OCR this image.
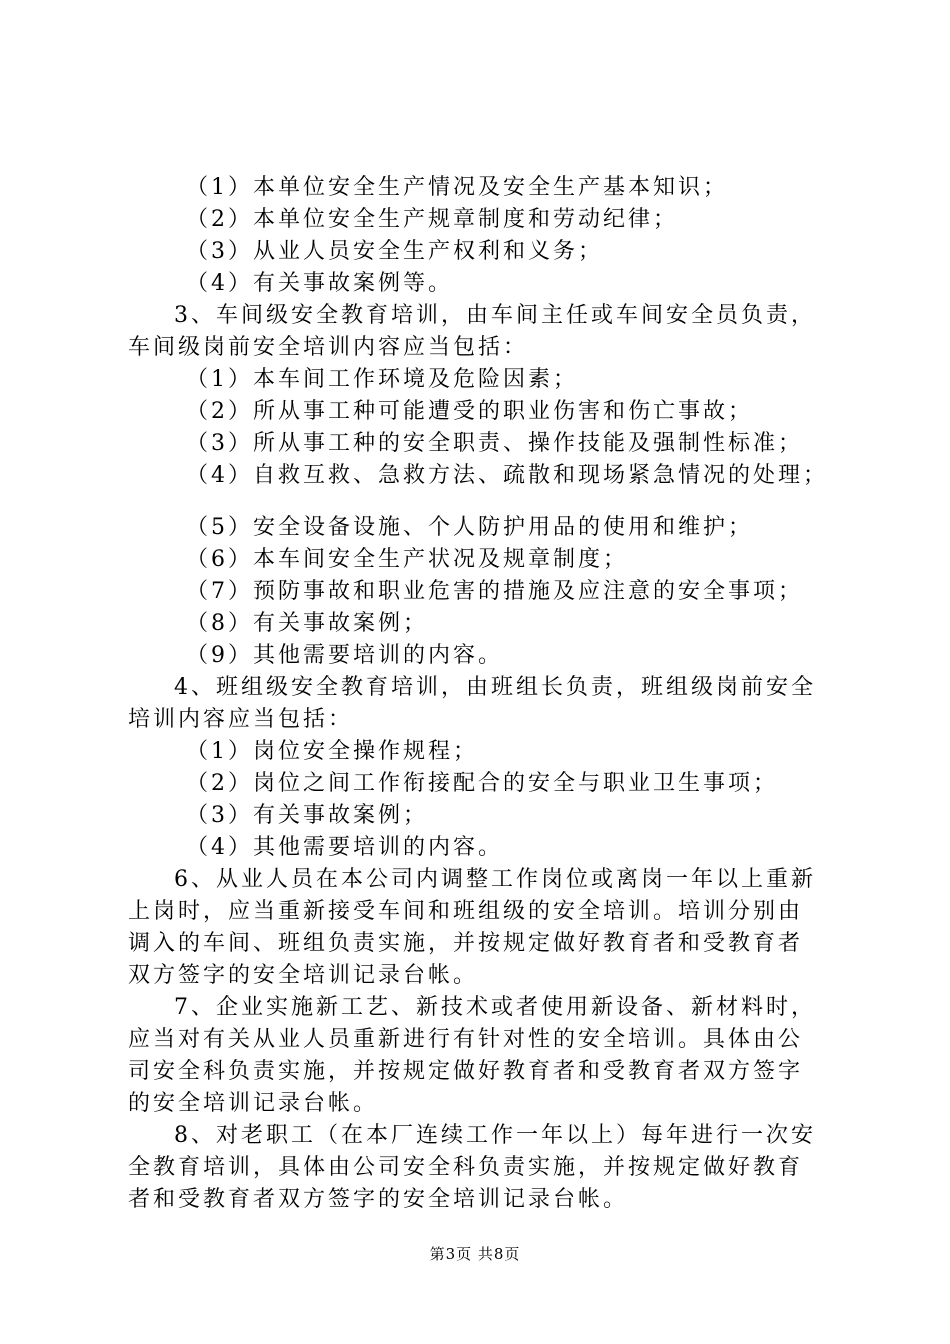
（1）本单位安全生产情况及安全生产基本知识；
（2）本单位安全生产规章制度和劳动纪律；
（3）从业人员安全生产权利和义务；
（4）有关事故案例等。
3、车间级安全教育培训，由车间主任或车间安全员负责，
车间级岗前安全培训内容应当包括：
（1）本车间工作环境及危险因素；
（2）所从事工种可能遭受的职业伤害和伤亡事故；
（3）所从事工种的安全职责、操作技能及强制性标准；
（4）自救互救、急救方法、疏散和现场紧急情况的处理；
（5）安全设备设施、个人防护用品的使用和维护；
（6）本车间安全生产状况及规章制度；
（7）预防事故和职业危害的措施及应注意的安全事项；
（8）有关事故案例；
（9）其他需要培训的内容。
4、班组级安全教育培训，由班组长负责，班组级岗前安全
培训内容应当包括：
（1）岗位安全操作规程；
（2）岗位之间工作衔接配合的安全与职业卫生事项；
（3）有关事故案例；
（4）其他需要培训的内容。
6、从业人员在本公司内调整工作岗位或离岗一年以上重新
上岗时，应当重新接受车间和班组级的安全培训。培训分别由
调入的车间、班组负责实施，并按规定做好教育者和受教育者
双方签字的安全培训记录台帐。
7、企业实施新工艺、新技术或者使用新设备、新材料时，
应当对有关从业人员重新进行有针对性的安全培训。具体由公
司安全科负责实施，并按规定做好教育者和受教育者双方签字
的安全培训记录台帐。
8、对老职工（在本厂连续工作一年以上）每年进行一次安
全教育培训，具体由公司安全科负责实施，并按规定做好教育
者和受教育者双方签字的安全培训记录台帐。
第3页 共8页
